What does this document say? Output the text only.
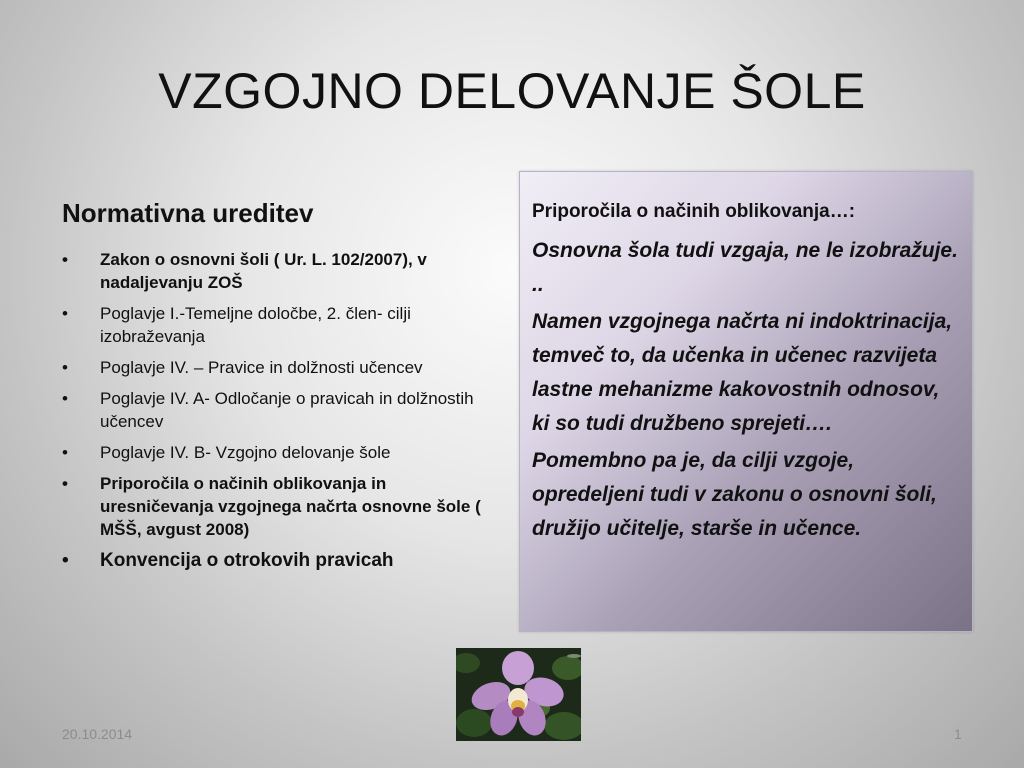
VZGOJNO DELOVANJE ŠOLE
Normativna ureditev
• Zakon o osnovni šoli ( Ur. L. 102/2007), v nadaljevanju ZOŠ
• Poglavje I.-Temeljne določbe, 2. člen- cilji izobraževanja
• Poglavje IV. – Pravice in dolžnosti učencev
• Poglavje IV. A- Odločanje o pravicah in dolžnostih učencev
• Poglavje IV. B- Vzgojno delovanje šole
• Priporočila o načinih oblikovanja in uresničevanja vzgojnega načrta osnovne šole ( MŠŠ, avgust 2008)
• Konvencija o otrokovih pravicah

Priporočila o načinih oblikovanja…:

Osnovna šola tudi vzgaja, ne le izobražuje. ..

Namen vzgojnega načrta ni indoktrinacija, temveč to, da učenka in učenec razvijeta lastne mehanizme kakovostnih odnosov, ki so tudi družbeno sprejeti….

Pomembno pa je, da cilji vzgoje, opredeljeni tudi v zakonu o osnovni šoli, družijo učitelje, starše in učence.

20.10.2014	1
